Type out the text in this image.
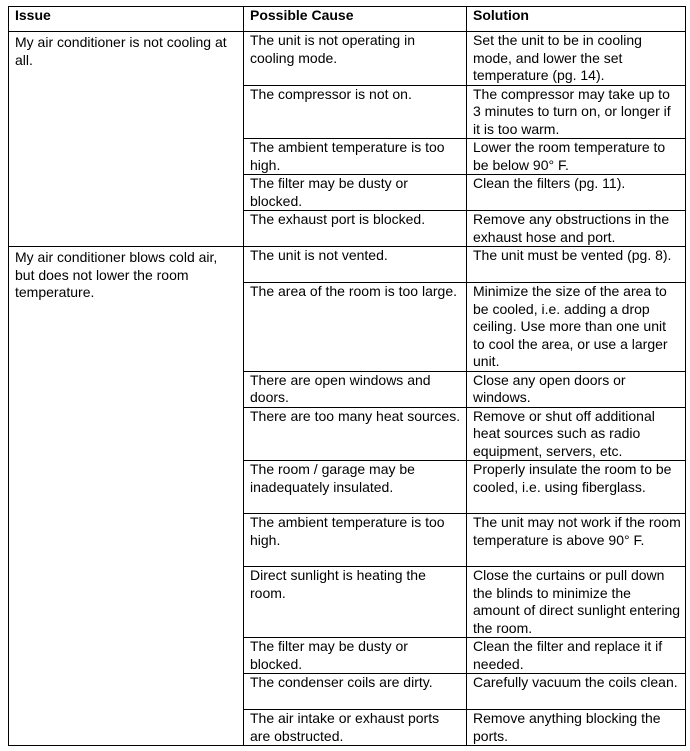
Issue	Possible Cause	Solution
My air conditioner is not cooling at all.	The unit is not operating in cooling mode.	Set the unit to be in cooling mode, and lower the set temperature (pg. 14).
	The compressor is not on.	The compressor may take up to 3 minutes to turn on, or longer if it is too warm.
	The ambient temperature is too high.	Lower the room temperature to be below 90° F.
	The filter may be dusty or blocked.	Clean the filters (pg. 11).
	The exhaust port is blocked.	Remove any obstructions in the exhaust hose and port.
My air conditioner blows cold air, but does not lower the room temperature.	The unit is not vented.	The unit must be vented (pg. 8).
	The area of the room is too large.	Minimize the size of the area to be cooled, i.e. adding a drop ceiling. Use more than one unit to cool the area, or use a larger unit.
	There are open windows and doors.	Close any open doors or windows.
	There are too many heat sources.	Remove or shut off additional heat sources such as radio equipment, servers, etc.
	The room / garage may be inadequately insulated.	Properly insulate the room to be cooled, i.e. using fiberglass.
	The ambient temperature is too high.	The unit may not work if the room temperature is above 90° F.
	Direct sunlight is heating the room.	Close the curtains or pull down the blinds to minimize the amount of direct sunlight entering the room.
	The filter may be dusty or blocked.	Clean the filter and replace it if needed.
	The condenser coils are dirty.	Carefully vacuum the coils clean.
	The air intake or exhaust ports are obstructed.	Remove anything blocking the ports.
